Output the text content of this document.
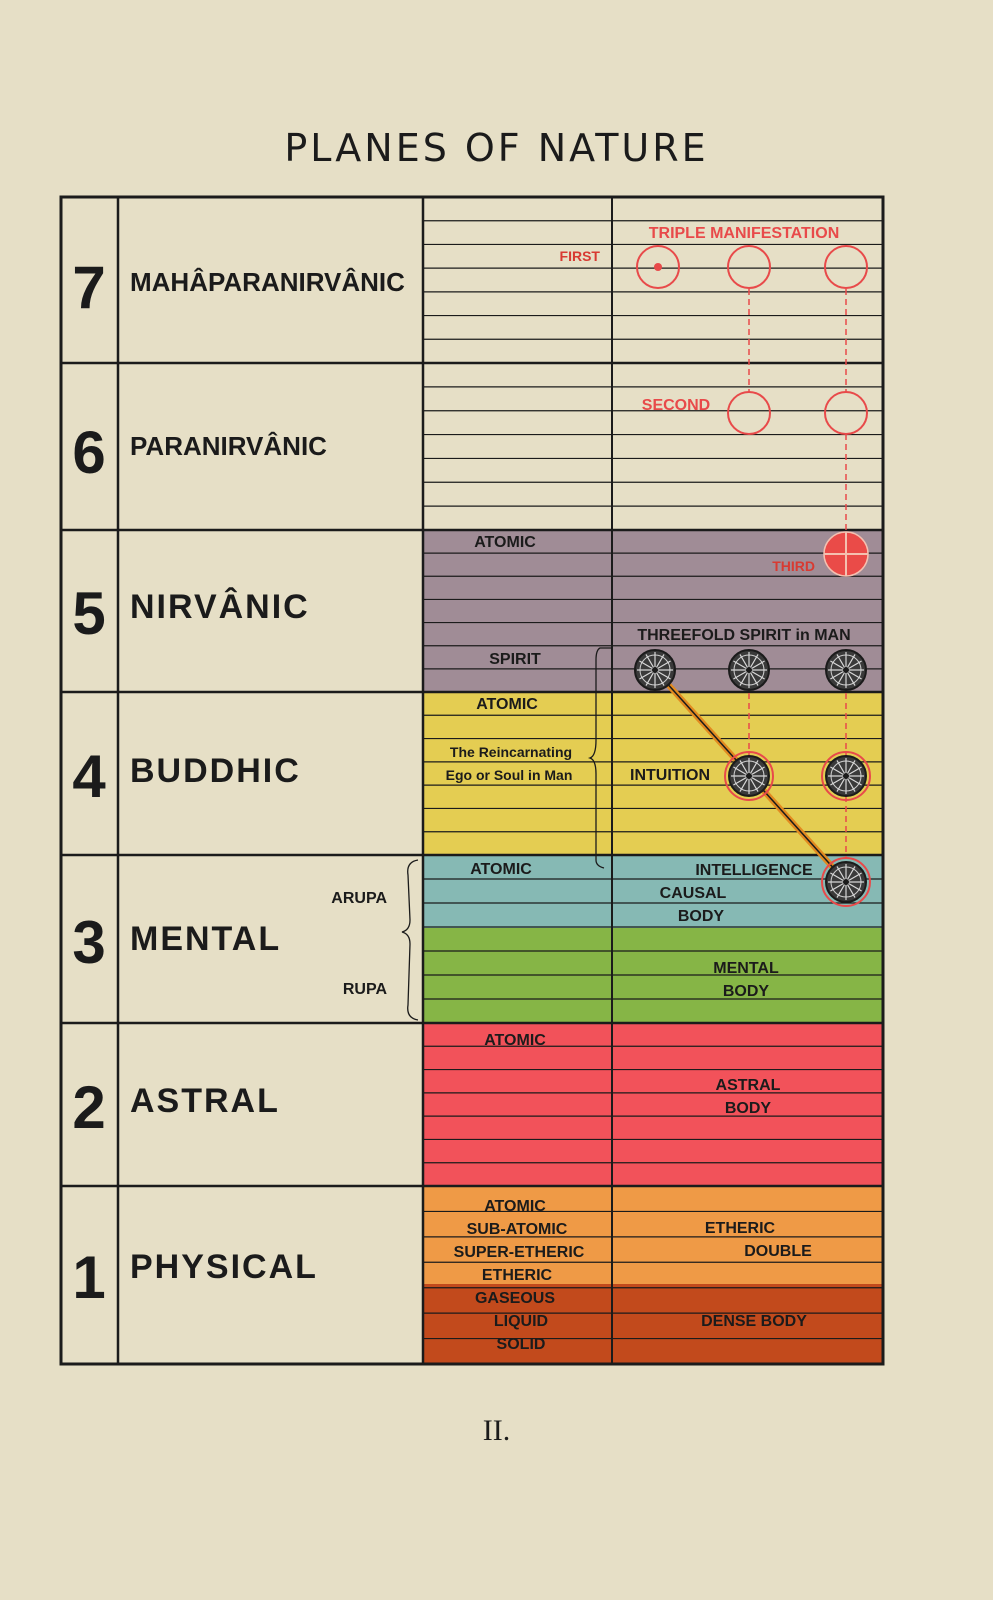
PLANES OF NATURE
7
6
5
4
3
2
1
MAHÂPARANIRVÂNIC
PARANIRVÂNIC
NIRVÂNIC
BUDDHIC
MENTAL
ASTRAL
PHYSICAL
ARUPA
RUPA
ATOMIC
SPIRIT
ATOMIC
The Reincarnating
Ego or Soul in Man
ATOMIC
ATOMIC
ATOMIC
SUB-ATOMIC
SUPER-ETHERIC
ETHERIC
GASEOUS
LIQUID
SOLID
TRIPLE MANIFESTATION
FIRST
SECOND
THIRD
THREEFOLD SPIRIT in MAN
INTUITION
INTELLIGENCE
CAUSAL
BODY
MENTAL
BODY
ASTRAL
BODY
ETHERIC
DOUBLE
DENSE BODY
II.
